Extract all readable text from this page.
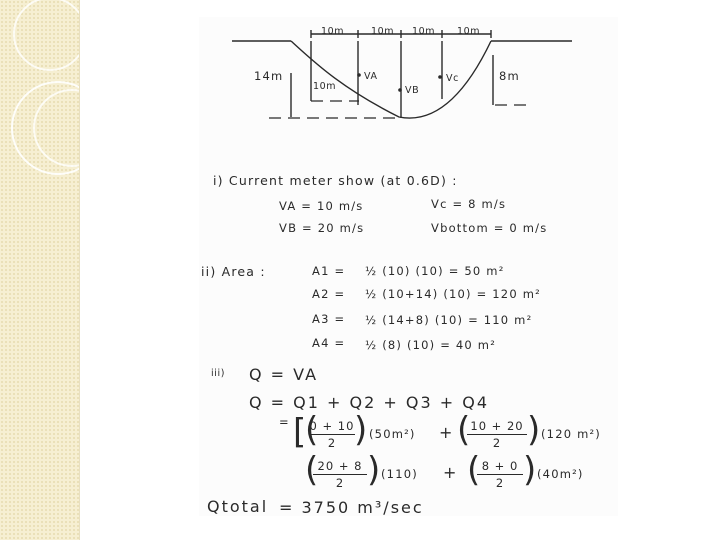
10m	10m 10m 10m
14m
10m
8m
VA
VB
Vc
i) Current meter show (at 0.6D) :
VA = 10 m/s
VB = 20 m/s
Vc = 8 m/s
Vbottom = 0 m/s
ii) Area :	A1 = ½ (10) (10) = 50 m²
A2 = ½ (10+14) (10) = 120 m²
A3 = ½ (14+8) (10) = 110 m²
A4 = ½ (8) (10) = 40 m²
iii) Q = VA
Q = Q1 + Q2 + Q3 + Q4
= [
(
0 + 10
2 ) (50m²) + ( 10 + 20
2 ) (120 m²)
( 20 + 8
2 ) (110) + ( 8 + 0
2 ) (40m²)
Qtotal = 3750 m³/sec
